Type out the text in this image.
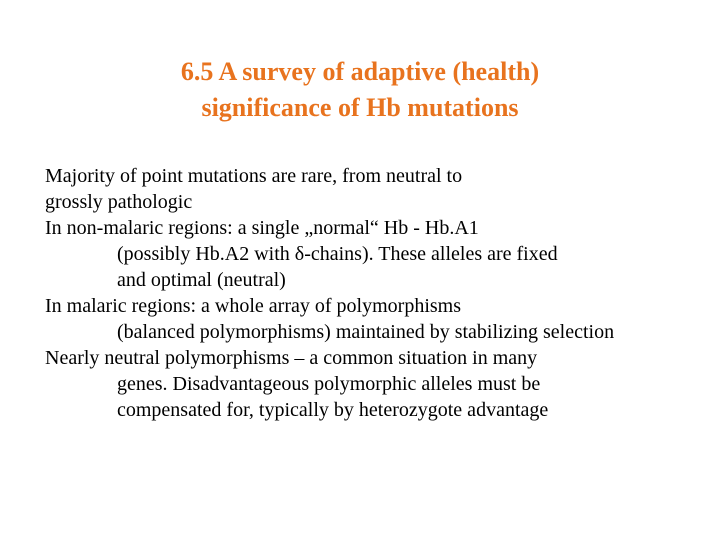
6.5 A survey of adaptive (health)
significance of Hb mutations
Majority of point mutations are rare, from neutral to
grossly pathologic
In non-malaric regions: a single „normal“ Hb - Hb.A1
(possibly Hb.A2 with δ-chains). These alleles are fixed
and optimal (neutral)
In malaric regions: a whole array of polymorphisms
(balanced polymorphisms) maintained by stabilizing selection
Nearly neutral polymorphisms – a common situation in many
genes. Disadvantageous polymorphic alleles must be
compensated for, typically by heterozygote advantage
